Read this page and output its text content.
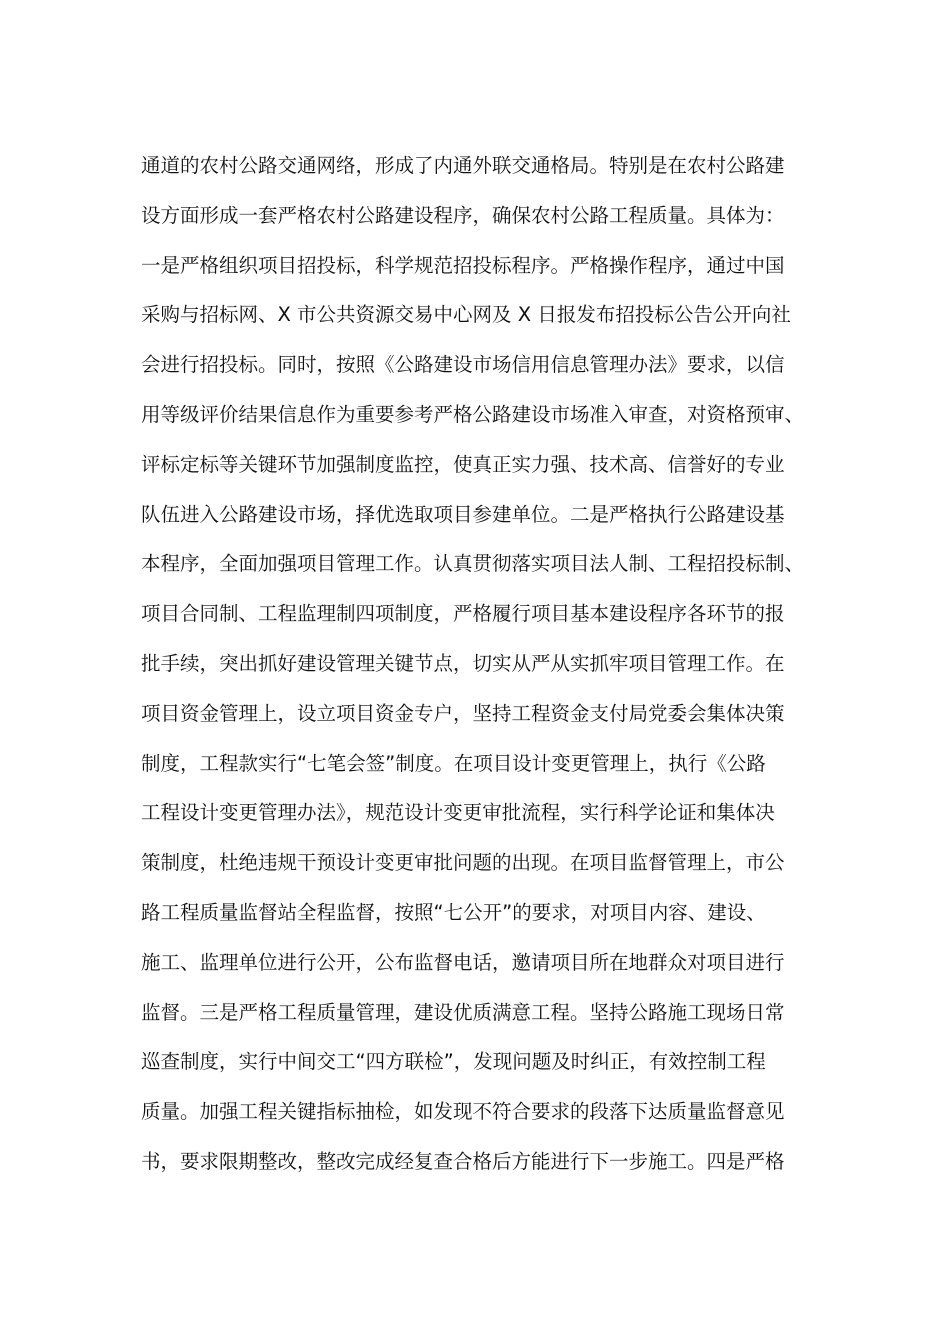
通道的农村公路交通网络，形成了内通外联交通格局。特别是在农村公路建
设方面形成一套严格农村公路建设程序，确保农村公路工程质量。具体为：
一是严格组织项目招投标，科学规范招投标程序。严格操作程序，通过中国
采购与招标网、X 市公共资源交易中心网及 X 日报发布招投标公告公开向社
会进行招投标。同时，按照《公路建设市场信用信息管理办法》要求，以信
用等级评价结果信息作为重要参考严格公路建设市场准入审查，对资格预审、
评标定标等关键环节加强制度监控，使真正实力强、技术高、信誉好的专业
队伍进入公路建设市场，择优选取项目参建单位。二是严格执行公路建设基
本程序，全面加强项目管理工作。认真贯彻落实项目法人制、工程招投标制、
项目合同制、工程监理制四项制度，严格履行项目基本建设程序各环节的报
批手续，突出抓好建设管理关键节点，切实从严从实抓牢项目管理工作。在
项目资金管理上，设立项目资金专户，坚持工程资金支付局党委会集体决策
制度，工程款实行“七笔会签”制度。在项目设计变更管理上，执行《公路
工程设计变更管理办法》，规范设计变更审批流程，实行科学论证和集体决
策制度，杜绝违规干预设计变更审批问题的出现。在项目监督管理上，市公
路工程质量监督站全程监督，按照“七公开”的要求，对项目内容、建设、
施工、监理单位进行公开，公布监督电话，邀请项目所在地群众对项目进行
监督。三是严格工程质量管理，建设优质满意工程。坚持公路施工现场日常
巡查制度，实行中间交工“四方联检”，发现问题及时纠正，有效控制工程
质量。加强工程关键指标抽检，如发现不符合要求的段落下达质量监督意见
书，要求限期整改，整改完成经复查合格后方能进行下一步施工。四是严格
